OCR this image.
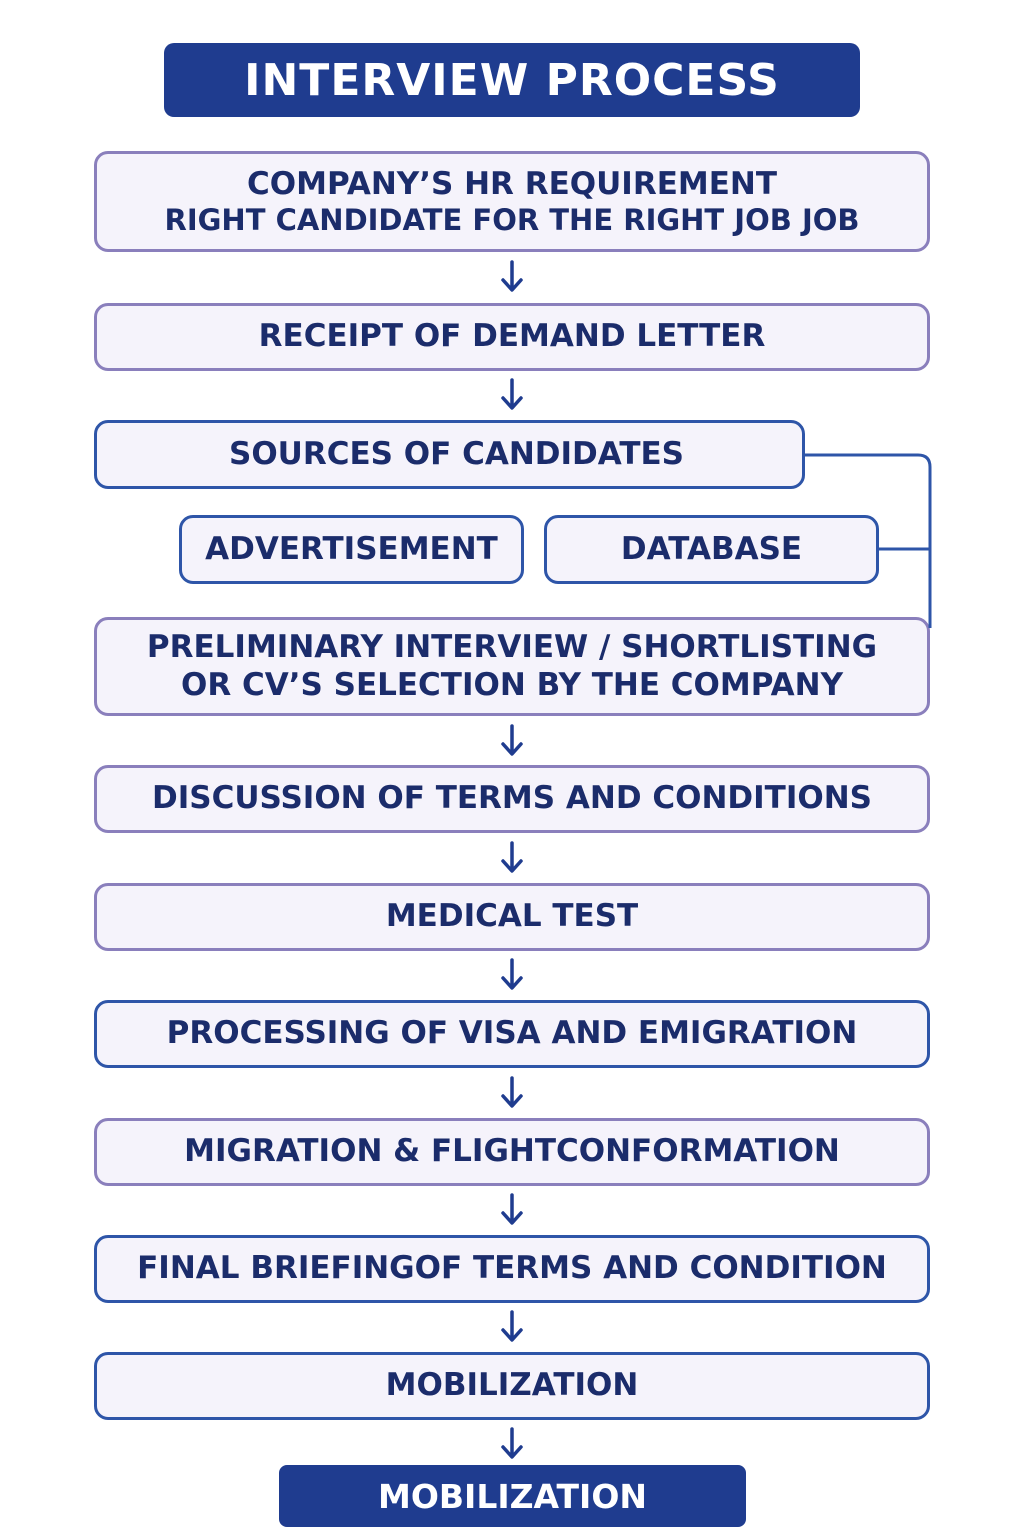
INTERVIEW PROCESS
COMPANY’S HR REQUIREMENT
RIGHT CANDIDATE FOR THE RIGHT JOB JOB
RECEIPT OF DEMAND LETTER
SOURCES OF CANDIDATES
ADVERTISEMENT	DATABASE
PRELIMINARY INTERVIEW / SHORTLISTING
OR CV’S SELECTION BY THE COMPANY
DISCUSSION OF TERMS AND CONDITIONS
MEDICAL TEST
PROCESSING OF VISA AND EMIGRATION
MIGRATION & FLIGHTCONFORMATION
FINAL BRIEFINGOF TERMS AND CONDITION
MOBILIZATION
MOBILIZATION
